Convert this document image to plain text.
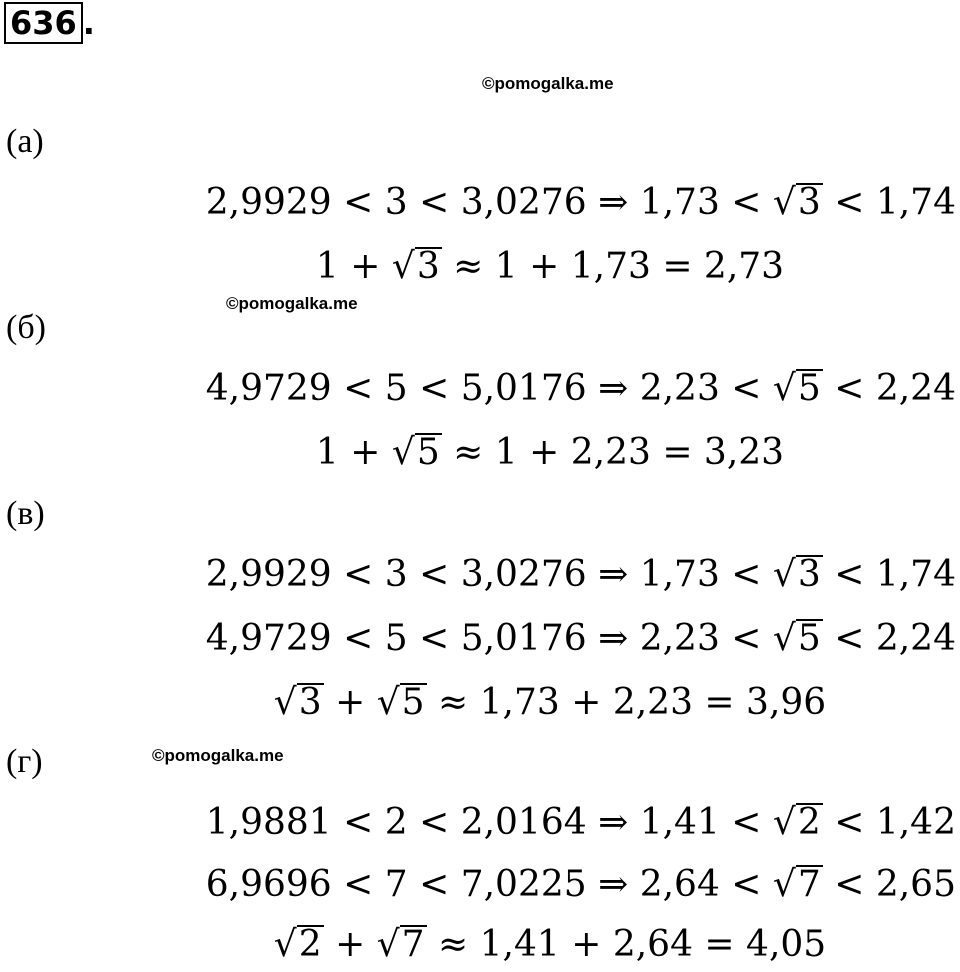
636 .
©pomogalka.me
©pomogalka.me
©pomogalka.me
(а)
2,9929 < 3 < 3,0276 ⇒ 1,73 < √3 < 1,74
1 + √3 ≈ 1 + 1,73 = 2,73
(б)
4,9729 < 5 < 5,0176 ⇒ 2,23 < √5 < 2,24
1 + √5 ≈ 1 + 2,23 = 3,23
(в)
2,9929 < 3 < 3,0276 ⇒ 1,73 < √3 < 1,74
4,9729 < 5 < 5,0176 ⇒ 2,23 < √5 < 2,24
√3 + √5 ≈ 1,73 + 2,23 = 3,96
(г)
1,9881 < 2 < 2,0164 ⇒ 1,41 < √2 < 1,42
6,9696 < 7 < 7,0225 ⇒ 2,64 < √7 < 2,65
√2 + √7 ≈ 1,41 + 2,64 = 4,05
